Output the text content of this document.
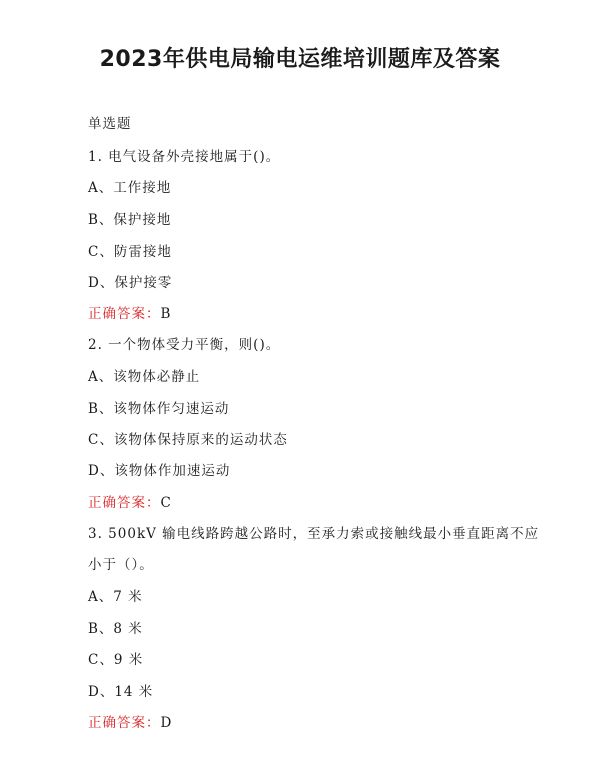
2023年供电局输电运维培训题库及答案
单选题
1. 电气设备外壳接地属于()。
A、工作接地
B、保护接地
C、防雷接地
D、保护接零
正确答案：B
2. 一个物体受力平衡，则()。
A、该物体必静止
B、该物体作匀速运动
C、该物体保持原来的运动状态
D、该物体作加速运动
正确答案：C
3. 500kV 输电线路跨越公路时，至承力索或接触线最小垂直距离不应
小于（）。
A、7 米
B、8 米
C、9 米
D、14 米
正确答案：D
